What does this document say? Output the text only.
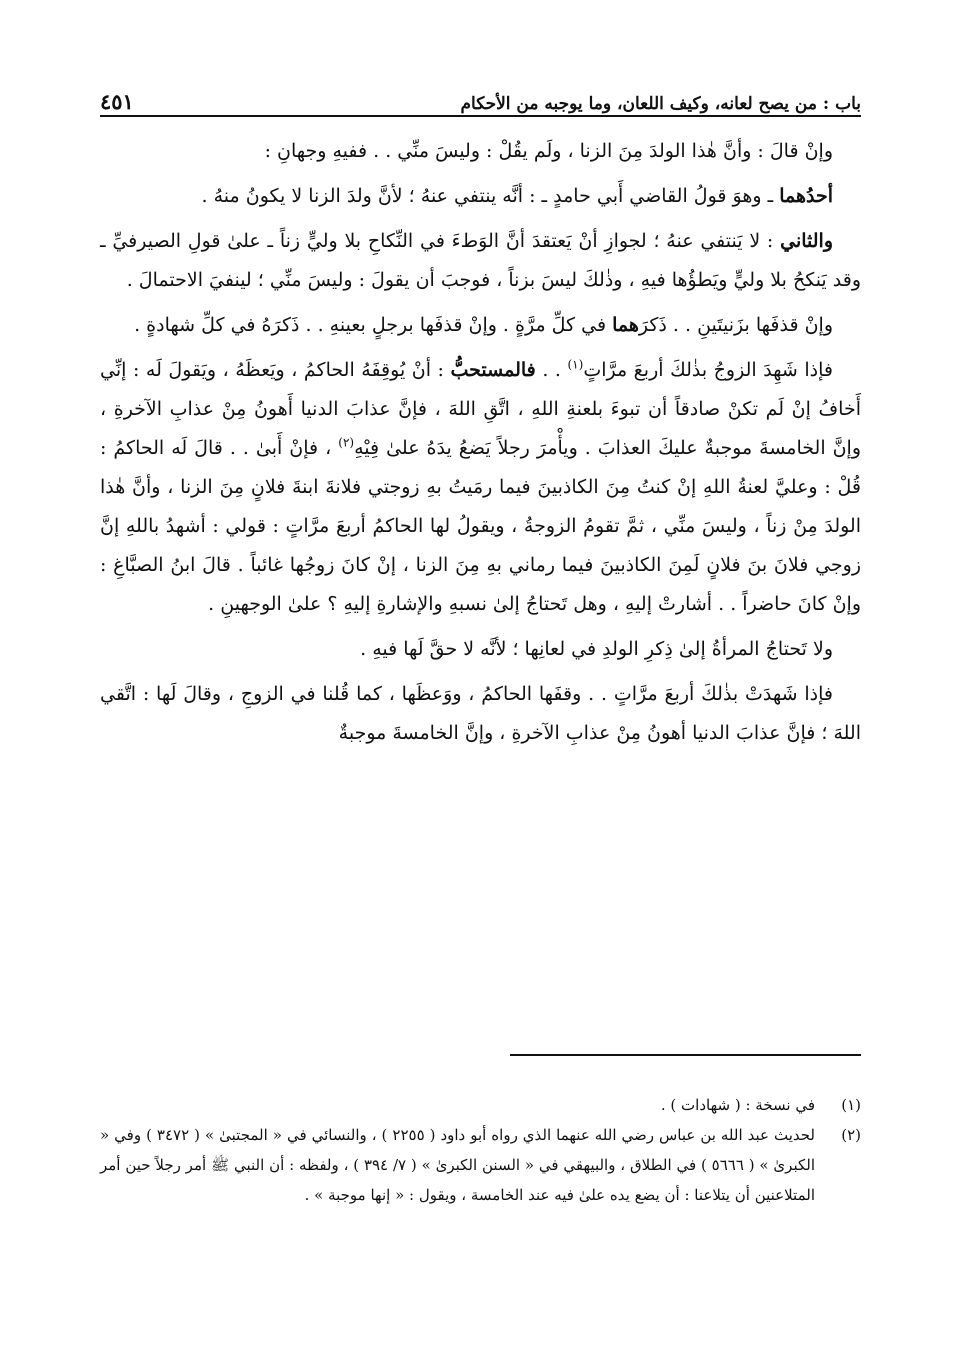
باب : من يصح لعانه، وكيف اللعان، وما يوجبه من الأحكام
٤٥١

وإنْ قالَ : وأنَّ هٰذا الولدَ مِنَ الزنا ، ولَم يقُلْ : وليسَ منِّي . . ففيهِ وجهانِ :

أحدُهما ـ وهوَ قولُ القاضي أَبي حامدٍ ـ : أنَّه ينتفي عنهُ ؛ لأنَّ ولدَ الزنا لا يكونُ منهُ .

والثاني : لا يَنتفي عنهُ ؛ لجوازِ أنْ يَعتقدَ أنَّ الوَطءَ في النِّكاحِ بلا وليٍّ زناً ـ علىٰ قولِ الصيرفيِّ ـ وقد يَنكحُ بلا وليٍّ ويَطؤُها فيهِ ، وذٰلكَ ليسَ بزناً ، فوجبَ أن يقولَ : وليسَ منِّي ؛ لينفيَ الاحتمالَ .

وإنْ قذفَها بزَنيتَينِ . . ذَكرَهما في كلِّ مرَّةٍ . وإنْ قذفَها برجلٍ بعينهِ . . ذَكرَهُ في كلِّ شهادةٍ .

فإذا شَهِدَ الزوجُ بذٰلكَ أربعَ مرَّاتٍ$^{(١)}$ . . فالمستحبُّ : أنْ يُوقِفَهُ الحاكمُ ، ويَعظَهُ ، ويَقولَ لَه : إنِّي أَخافُ إنْ لَم تكنْ صادقاً أن تبوءَ بلعنةِ اللهِ ، اتَّقِ اللهَ ، فإنَّ عذابَ الدنيا أَهونُ مِنْ عذابِ الآخرةِ ، وإنَّ الخامسةَ موجبةٌ عليكَ العذابَ . ويأْمرَ رجلاً يَضعُ يدَهُ علىٰ فِيْهِ$^{(٢)}$ ، فإنْ أَبىٰ . . قالَ لَه الحاكمُ : قُلْ : وعليَّ لعنةُ اللهِ إنْ كنتُ مِنَ الكاذبينَ فيما رمَيتُ بهِ زوجتي فلانةَ ابنةَ فلانٍ مِنَ الزنا ، وأنَّ هٰذا الولدَ مِنْ زناً ، وليسَ منِّي ، ثمَّ تقومُ الزوجةُ ، ويقولُ لها الحاكمُ أربعَ مرَّاتٍ : قولي : أشهدُ باللهِ إنَّ زوجي فلانَ بنَ فلانٍ لَمِنَ الكاذبينَ فيما رماني بهِ مِنَ الزنا ، إنْ كانَ زوجُها غائباً . قالَ ابنُ الصبَّاغِ : وإنْ كانَ حاضراً . . أشارتْ إليهِ ، وهل تَحتاجُ إلىٰ نسبهِ والإشارةِ إليهِ ؟ علىٰ الوجهينِ .

ولا تَحتاجُ المرأةُ إلىٰ ذِكرِ الولدِ في لعانِها ؛ لأنَّه لا حقَّ لَها فيهِ .

فإذا شَهدَتْ بذٰلكَ أربعَ مرَّاتٍ . . وقفَها الحاكمُ ، ووَعظَها ، كما قُلنا في الزوجِ ، وقالَ لَها : اتَّقي اللهَ ؛ فإنَّ عذابَ الدنيا أهونُ مِنْ عذابِ الآخرةِ ، وإنَّ الخامسةَ موجبةٌ

(١)
في نسخة : ( شهادات ) .
(٢)
لحديث عبد الله بن عباس رضي الله عنهما الذي رواه أبو داود ( ٢٢٥٥ ) ، والنسائي في « المجتبىٰ » ( ٣٤٧٢ ) وفي « الكبرىٰ » ( ٥٦٦٦ ) في الطلاق ، والبيهقي في « السنن الكبرىٰ » ( ٧/ ٣٩٤ ) ، ولفظه : أن النبي ﷺ أمر رجلاً حين أمر المتلاعنين أن يتلاعنا : أن يضع يده علىٰ فيه عند الخامسة ، ويقول : « إنها موجبة » .
